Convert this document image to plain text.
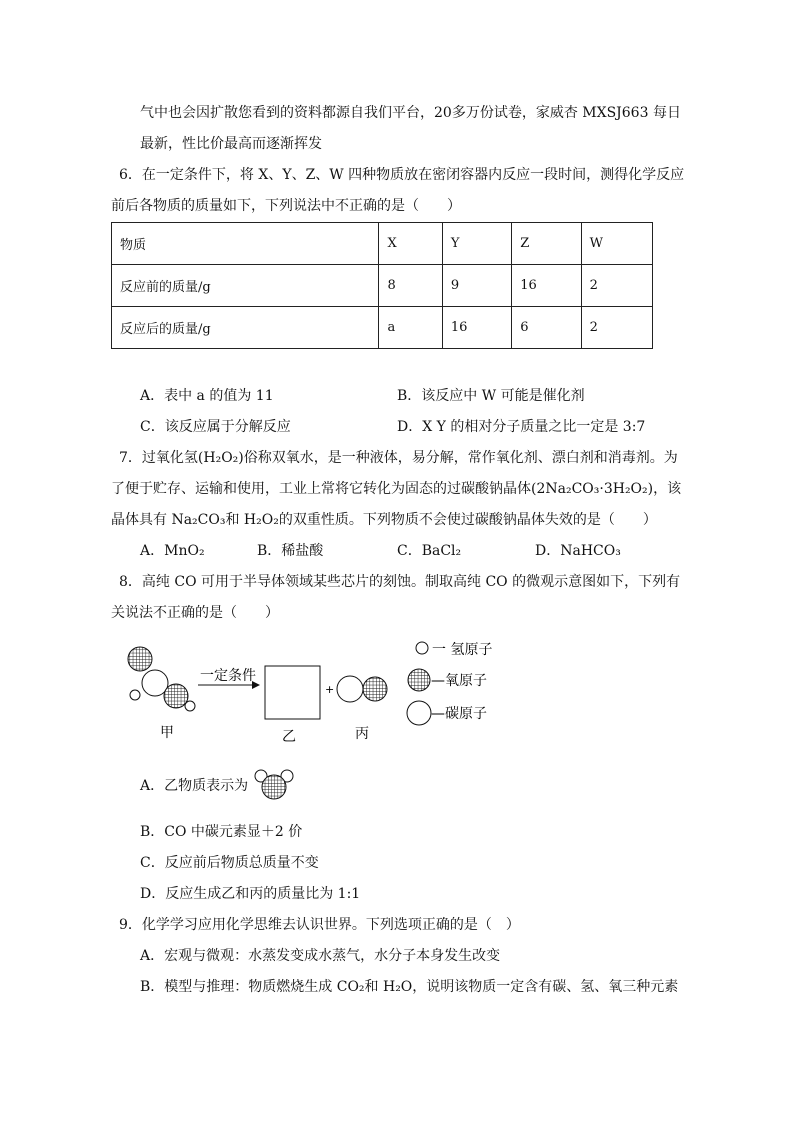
气中也会因扩散您看到的资料都源自我们平台，20多万份试卷，家威杏 MXSJ663 每日
最新，性比价最高而逐渐挥发
6．在一定条件下，将 X、Y、Z、W 四种物质放在密闭容器内反应一段时间，测得化学反应
前后各物质的质量如下，下列说法中不正确的是（　　）
物质	X	Y	Z	W
反应前的质量/g	8	9	16	2
反应后的质量/g	a	16	6	2
A．表中 a 的值为 11	B．该反应中 W 可能是催化剂
C．该反应属于分解反应	D．X Y 的相对分子质量之比一定是 3:7
7．过氧化氢(H₂O₂)俗称双氧水，是一种液体，易分解，常作氧化剂、漂白剂和消毒剂。为
了便于贮存、运输和使用，工业上常将它转化为固态的过碳酸钠晶体(2Na₂CO₃·3H₂O₂)，该
晶体具有 Na₂CO₃和 H₂O₂的双重性质。下列物质不会使过碳酸钠晶体失效的是（　　）
A．MnO₂	B．稀盐酸	C．BaCl₂	D．NaHCO₃
8．高纯 CO 可用于半导体领域某些芯片的刻蚀。制取高纯 CO 的微观示意图如下，下列有
关说法不正确的是（　　）
一定条件
+
甲	乙	丙
一 氢原子
—氧原子
—碳原子
A．乙物质表示为
B．CO 中碳元素显＋2 价
C．反应前后物质总质量不变
D．反应生成乙和丙的质量比为 1:1
9．化学学习应用化学思维去认识世界。下列选项正确的是（　）
A．宏观与微观：水蒸发变成水蒸气，水分子本身发生改变
B．模型与推理：物质燃烧生成 CO₂和 H₂O，说明该物质一定含有碳、氢、氧三种元素
